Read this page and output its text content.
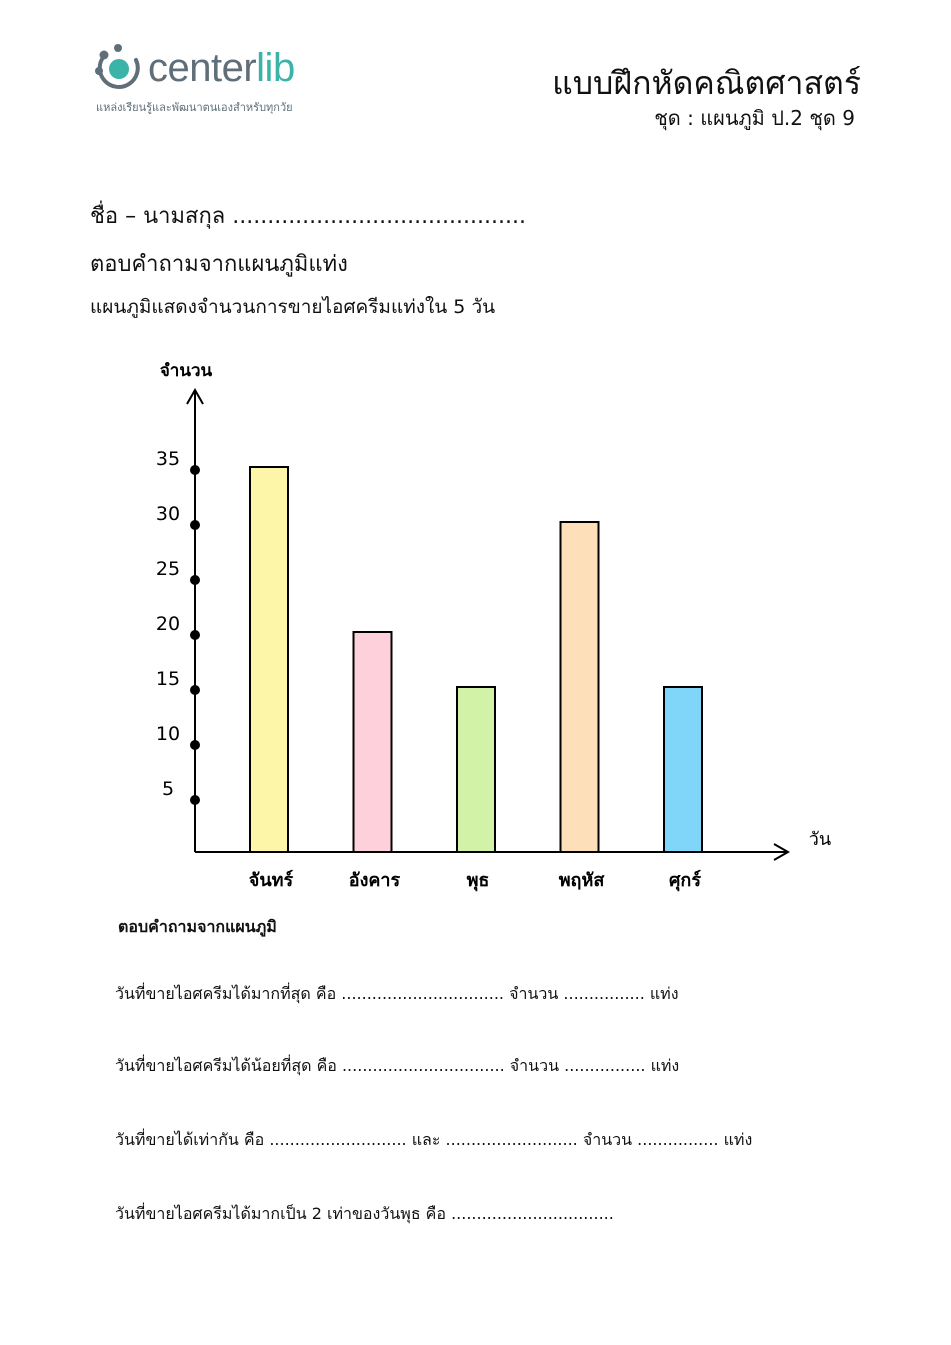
centerlib
แหล่งเรียนรู้และพัฒนาตนเองสำหรับทุกวัย
แบบฝึกหัดคณิตศาสตร์
ชุด : แผนภูมิ ป.2 ชุด 9
ชื่อ – นามสกุล ..........................................
ตอบคำถามจากแผนภูมิแท่ง
แผนภูมิแสดงจำนวนการขายไอศครีมแท่งใน 5 วัน
5
10
15
20
25
30
35
จันทร์	อังคาร	พุธ	พฤหัส	ศุกร์
จำนวน
วัน
ตอบคำถามจากแผนภูมิ
วันที่ขายไอศครีมได้มากที่สุด คือ ................................ จำนวน ................ แท่ง
วันที่ขายไอศครีมได้น้อยที่สุด คือ ................................ จำนวน ................ แท่ง
วันที่ขายได้เท่ากัน คือ ........................... และ .......................... จำนวน ................ แท่ง
วันที่ขายไอศครีมได้มากเป็น 2 เท่าของวันพุธ คือ ................................
